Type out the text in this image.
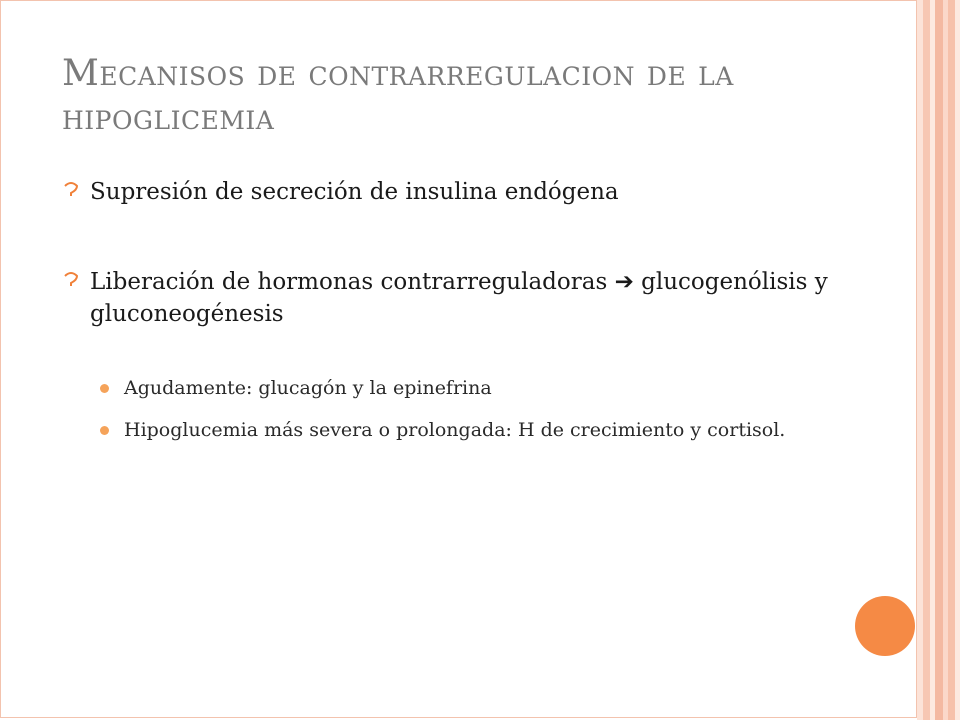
Mecanisos de contrarregulacion de la hipoglicemia
Supresión de secreción de insulina endógena
Liberación de hormonas contrarreguladoras ➔ glucogenólisis y gluconeogénesis
Agudamente: glucagón y la epinefrina
Hipoglucemia más severa o prolongada: H de crecimiento y cortisol.
